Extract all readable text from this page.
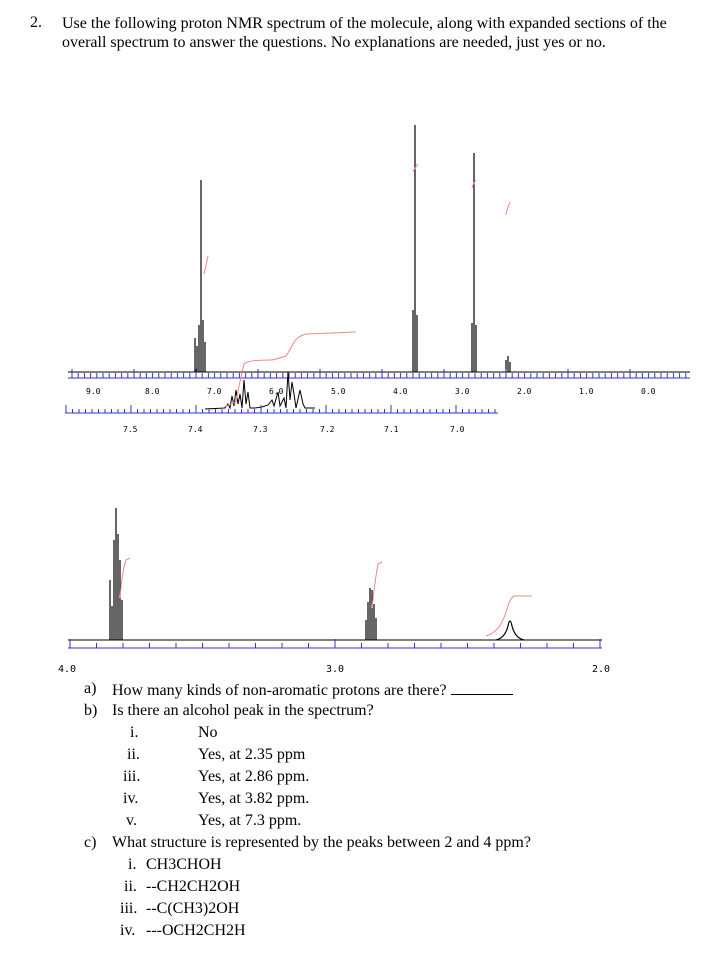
2. Use the following proton NMR spectrum of the molecule, along with expanded sections of the overall spectrum to answer the questions. No explanations are needed, just yes or no.
9.0	8.0	7.0	6.0	5.0	4.0	3.0	2.0	1.0	0.0
7.5	7.4	7.3	7.2	7.1	7.0
4.0	3.0	2.0
a) How many kinds of non-aromatic protons are there?
b) Is there an alcohol peak in the spectrum?
i.	No
ii.	Yes, at 2.35 ppm
iii.	Yes, at 2.86 ppm.
iv.	Yes, at 3.82 ppm.
v.	Yes, at 7.3 ppm.
c) What structure is represented by the peaks between 2 and 4 ppm?
i. CH3CHOH
ii. --CH2CH2OH
iii. --C(CH3)2OH
iv. ---OCH2CH2H
